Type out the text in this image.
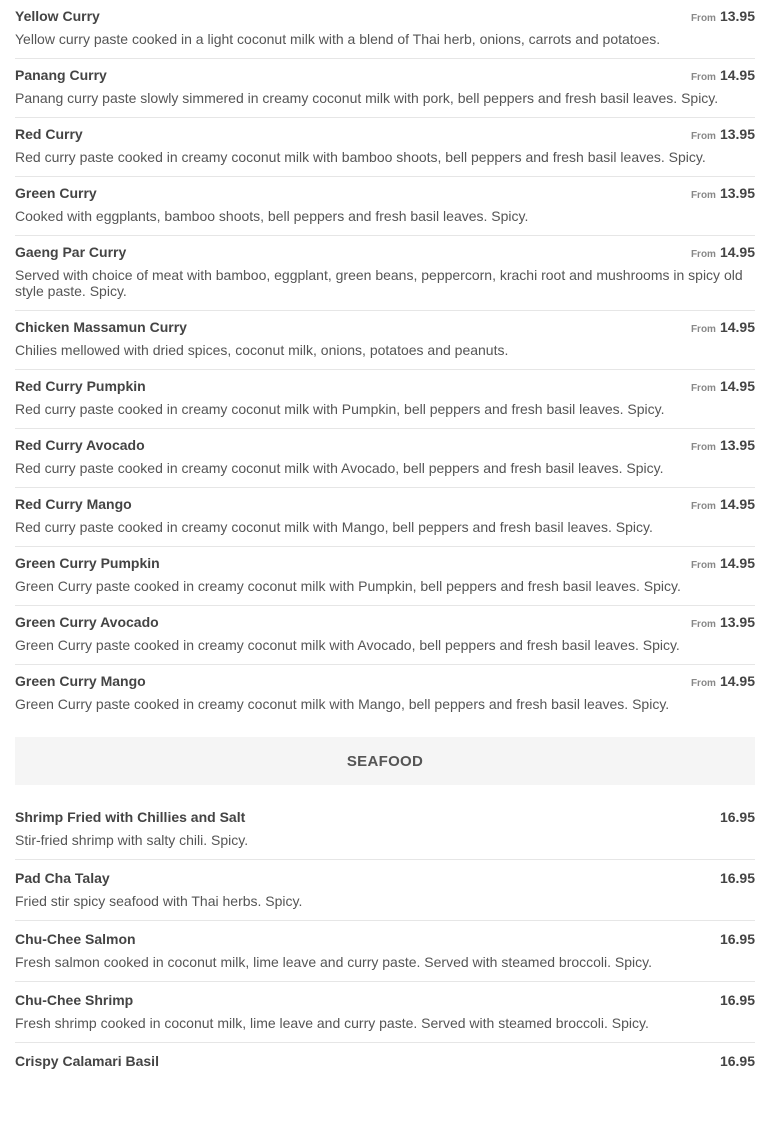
Yellow Curry	From 13.95
Yellow curry paste cooked in a light coconut milk with a blend of Thai herb, onions, carrots and potatoes.
Panang Curry	From 14.95
Panang curry paste slowly simmered in creamy coconut milk with pork, bell peppers and fresh basil leaves. Spicy.
Red Curry	From 13.95
Red curry paste cooked in creamy coconut milk with bamboo shoots, bell peppers and fresh basil leaves. Spicy.
Green Curry	From 13.95
Cooked with eggplants, bamboo shoots, bell peppers and fresh basil leaves. Spicy.
Gaeng Par Curry	From 14.95
Served with choice of meat with bamboo, eggplant, green beans, peppercorn, krachi root and mushrooms in spicy old style paste. Spicy.
Chicken Massamun Curry	From 14.95
Chilies mellowed with dried spices, coconut milk, onions, potatoes and peanuts.
Red Curry Pumpkin	From 14.95
Red curry paste cooked in creamy coconut milk with Pumpkin, bell peppers and fresh basil leaves. Spicy.
Red Curry Avocado	From 13.95
Red curry paste cooked in creamy coconut milk with Avocado, bell peppers and fresh basil leaves. Spicy.
Red Curry Mango	From 14.95
Red curry paste cooked in creamy coconut milk with Mango, bell peppers and fresh basil leaves. Spicy.
Green Curry Pumpkin	From 14.95
Green Curry paste cooked in creamy coconut milk with Pumpkin, bell peppers and fresh basil leaves. Spicy.
Green Curry Avocado	From 13.95
Green Curry paste cooked in creamy coconut milk with Avocado, bell peppers and fresh basil leaves. Spicy.
Green Curry Mango	From 14.95
Green Curry paste cooked in creamy coconut milk with Mango, bell peppers and fresh basil leaves. Spicy.
SEAFOOD
Shrimp Fried with Chillies and Salt	16.95
Stir-fried shrimp with salty chili. Spicy.
Pad Cha Talay	16.95
Fried stir spicy seafood with Thai herbs. Spicy.
Chu-Chee Salmon	16.95
Fresh salmon cooked in coconut milk, lime leave and curry paste. Served with steamed broccoli. Spicy.
Chu-Chee Shrimp	16.95
Fresh shrimp cooked in coconut milk, lime leave and curry paste. Served with steamed broccoli. Spicy.
Crispy Calamari Basil	16.95
